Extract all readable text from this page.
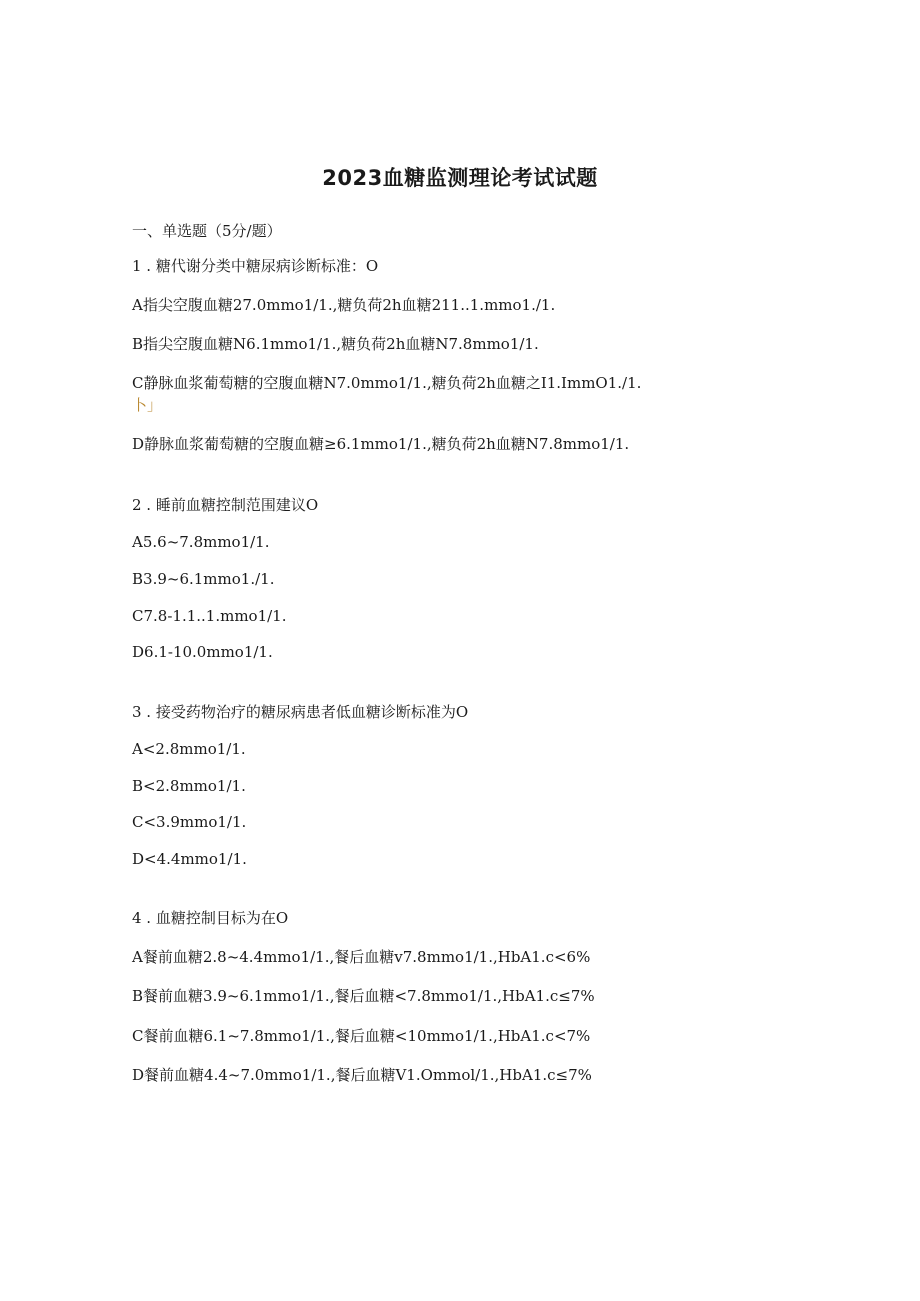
2023血糖监测理论考试试题
一、单选题（5分/题）
1 . 糖代谢分类中糖尿病诊断标准：O
A指尖空腹血糖27.0mmo1/1.,糖负荷2h血糖211..1.mmo1./1.
B指尖空腹血糖N6.1mmo1/1.,糖负荷2h血糖N7.8mmo1/1.
C静脉血浆葡萄糖的空腹血糖N7.0mmo1/1.,糖负荷2h血糖之I1.ImmO1./1.
卜」
D静脉血浆葡萄糖的空腹血糖≥6.1mmo1/1.,糖负荷2h血糖N7.8mmo1/1.
2 . 睡前血糖控制范围建议O
A5.6~7.8mmo1/1.
B3.9~6.1mmo1./1.
C7.8-1.1..1.mmo1/1.
D6.1-10.0mmo1/1.
3 . 接受药物治疗的糖尿病患者低血糖诊断标准为O
A<2.8mmo1/1.
B<2.8mmo1/1.
C<3.9mmo1/1.
D<4.4mmo1/1.
4 . 血糖控制目标为在O
A餐前血糖2.8~4.4mmo1/1.,餐后血糖v7.8mmo1/1.,HbA1.c<6%
B餐前血糖3.9~6.1mmo1/1.,餐后血糖<7.8mmo1/1.,HbA1.c≤7%
C餐前血糖6.1~7.8mmo1/1.,餐后血糖<10mmo1/1.,HbA1.c<7%
D餐前血糖4.4~7.0mmo1/1.,餐后血糖V1.Ommol/1.,HbA1.c≤7%
